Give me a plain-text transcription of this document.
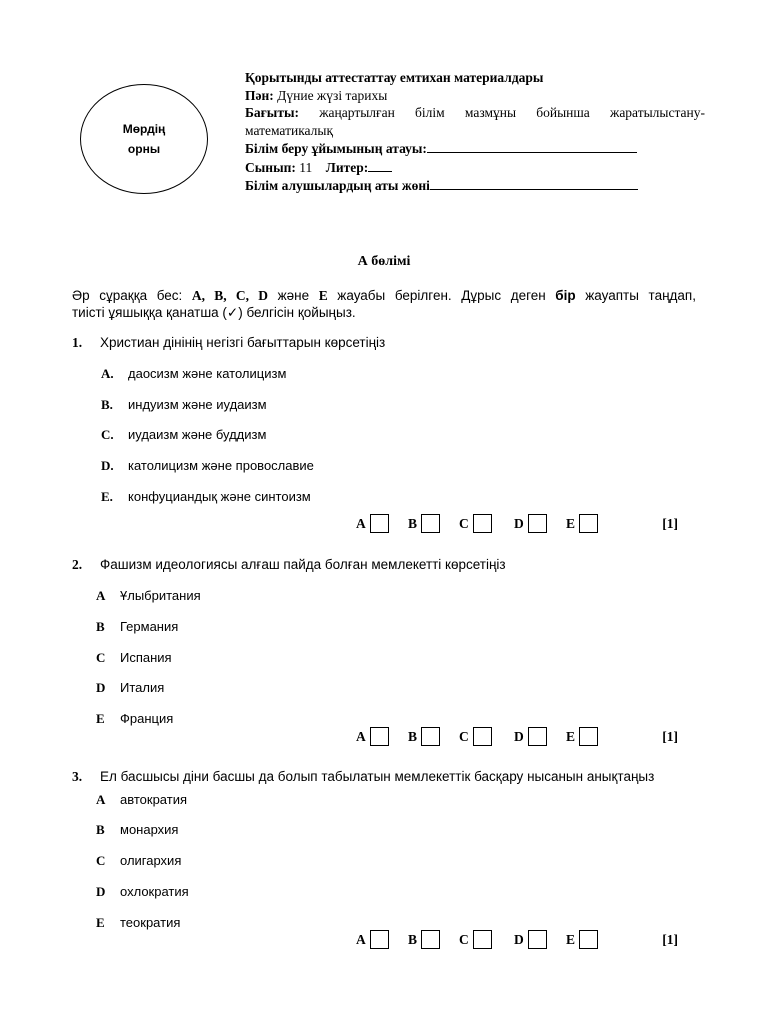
Мөрдің
орны
Қорытынды аттестаттау емтихан материалдары
Пән: Дүние жүзі тарихы
Бағыты: жаңартылған білім мазмұны бойынша жаратылыстану-
математикалық
Білім беру ұйымының атауы:
Сынып: 11 Литер:
Білім алушылардың аты жөні
А бөлімі
Әр сұраққа бес: A, B, C, D және E жауабы берілген. Дұрыс деген бір жауапты таңдап,
тиісті ұяшыққа қанатша (✓) белгісін қойыңыз.
1. Христиан дінінің негізгі бағыттарын көрсетіңіз
A. даосизм және католицизм
B. индуизм және иудаизм
C. иудаизм және буддизм
D. католицизм және провославие
E. конфуциандық және синтоизм
A	B	C	D	E	[1]
2. Фашизм идеологиясы алғаш пайда болған мемлекетті көрсетіңіз
A Ұлыбритания
B Германия
C Испания
D Италия
E Франция
A	B	C	D	E	[1]
3. Ел басшысы діни басшы да болып табылатын мемлекеттік басқару нысанын анықтаңыз
A автократия
B монархия
C олигархия
D охлократия
E теократия
A	B	C	D	E	[1]
